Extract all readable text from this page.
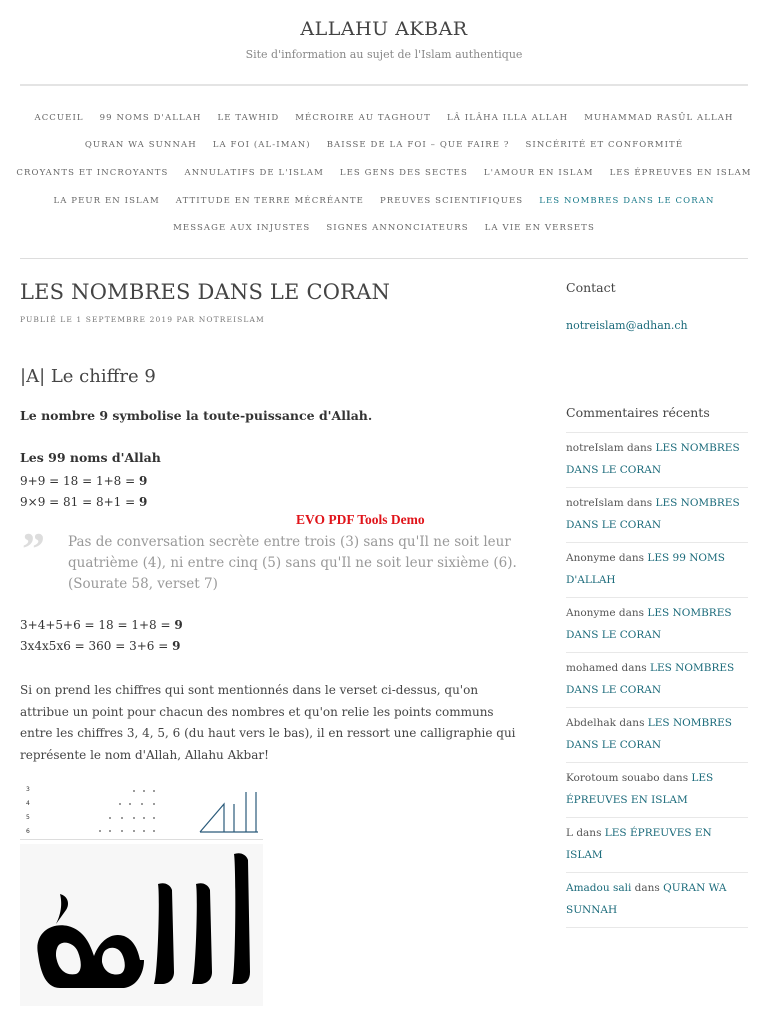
ALLAHU AKBAR
Site d'information au sujet de l'Islam authentique
ACCUEIL 99 NOMS D'ALLAH LE TAWHID MÉCROIRE AU TAGHOUT LÂ ILÂHA ILLA ALLAH MUHAMMAD RASÛL ALLAH
QURAN WA SUNNAH LA FOI (AL-IMAN) BAISSE DE LA FOI – QUE FAIRE ? SINCÉRITÉ ET CONFORMITÉ
CROYANTS ET INCROYANTS ANNULATIFS DE L'ISLAM LES GENS DES SECTES L'AMOUR EN ISLAM LES ÉPREUVES EN ISLAM
LA PEUR EN ISLAM ATTITUDE EN TERRE MÉCRÉANTE PREUVES SCIENTIFIQUES LES NOMBRES DANS LE CORAN
MESSAGE AUX INJUSTES SIGNES ANNONCIATEURS LA VIE EN VERSETS
LES NOMBRES DANS LE CORAN
PUBLIÉ LE 1 SEPTEMBRE 2019 PAR NOTREISLAM
|A| Le chiffre 9
Le nombre 9 symbolise la toute-puissance d'Allah.
Les 99 noms d'Allah
9+9 = 18 = 1+8 = 9
9×9 = 81 = 8+1 = 9
EVO PDF Tools Demo
” Pas de conversation secrète entre trois (3) sans qu'Il ne soit leur quatrième (4), ni entre cinq (5) sans qu'Il ne soit leur sixième (6). (Sourate 58, verset 7)
3+4+5+6 = 18 = 1+8 = 9
3x4x5x6 = 360 = 3+6 = 9

Si on prend les chiffres qui sont mentionnés dans le verset ci-dessus, qu'on attribue un point pour chacun des nombres et qu'on relie les points communs entre les chiffres 3, 4, 5, 6 (du haut vers le bas), il en ressort une calligraphie qui représente le nom d'Allah, Allahu Akbar!

3
4
5
6
Contact
notreislam@adhan.ch
Commentaires récents
notreIslam dans LES NOMBRES DANS LE CORAN
notreIslam dans LES NOMBRES DANS LE CORAN
Anonyme dans LES 99 NOMS D'ALLAH
Anonyme dans LES NOMBRES DANS LE CORAN
mohamed dans LES NOMBRES DANS LE CORAN
Abdelhak dans LES NOMBRES DANS LE CORAN
Korotoum souabo dans LES ÉPREUVES EN ISLAM
L dans LES ÉPREUVES EN ISLAM
Amadou sali dans QURAN WA SUNNAH
